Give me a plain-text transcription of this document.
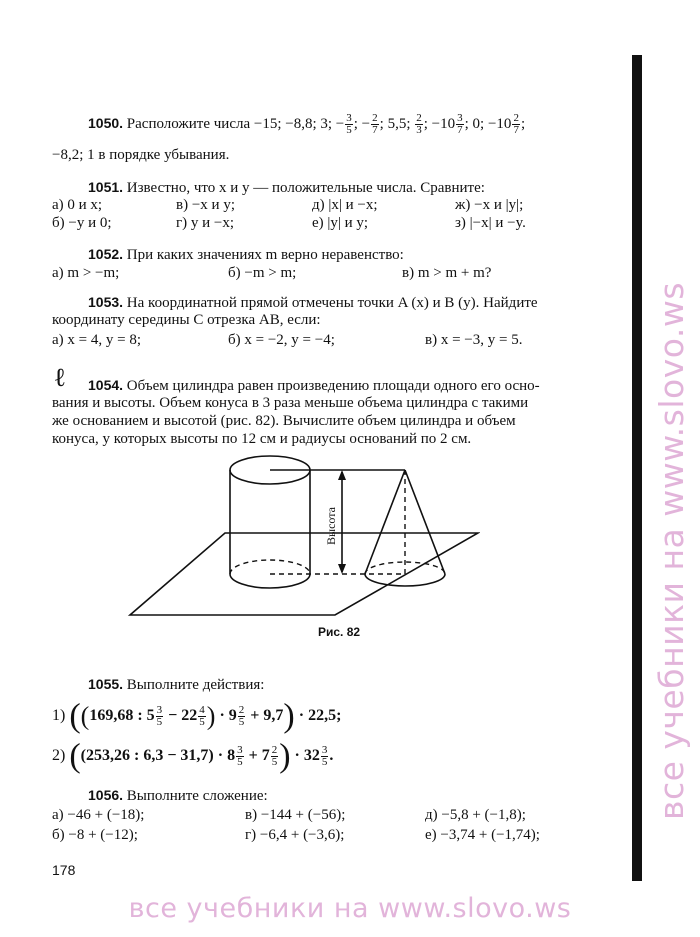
1050. Расположите числа −15; −8,8; 3; − $\frac{3}{5}$ ; − $\frac{2}{7}$ ; 5,5; $\frac{2}{3}$ ; $-10 \frac{3}{7}$ ; 0; $-10 \frac{2}{7}$ ;
−8,2; 1 в порядке убывания.
1051. Известно, что x и y — положительные числа. Сравните:
а) 0 и x;	в) −x и y;	д) |x| и −x;	ж) −x и |y|;
б) −y и 0;	г) y и −x;	е) |y| и y;	з) |−x| и −y.
1052. При каких значениях m верно неравенство:
а) m > −m;	б) −m > m;	в) m > m + m?
1053. На координатной прямой отмечены точки A (x) и B (y). Найдите
координату середины C отрезка AB, если:
а) x = 4, y = 8;	б) x = −2, y = −4;	в) x = −3, y = 5.
ℓ 1054. Объем цилиндра равен произведению площади одного его осно-
вания и высоты. Объем конуса в 3 раза меньше объема цилиндра с такими
же основанием и высотой (рис. 82). Вычислите объем цилиндра и объем
конуса, у которых высоты по 12 см и радиусы оснований по 2 см.
Высота
Рис. 82
1055. Выполните действия:
1) ((169,68 : $5 \frac{3}{5} - 22 \frac{4}{5}$ ) · $9 \frac{2}{5} + 9,7) \cdot 22,5$;
2) ((253,26 : $6,3 - 31,7) \cdot 8 \frac{3}{5} + 7 \frac{2}{5}$ ) · $32 \frac{3}{5}$ .
1056. Выполните сложение:
а) −46 + (−18);	в) −144 + (−56);	д) −5,8 + (−1,8);
б) −8 + (−12);	г) −6,4 + (−3,6);	е) −3,74 + (−1,74);
178
все учебники на www.slovo.ws
все учебники на www.slovo.ws
